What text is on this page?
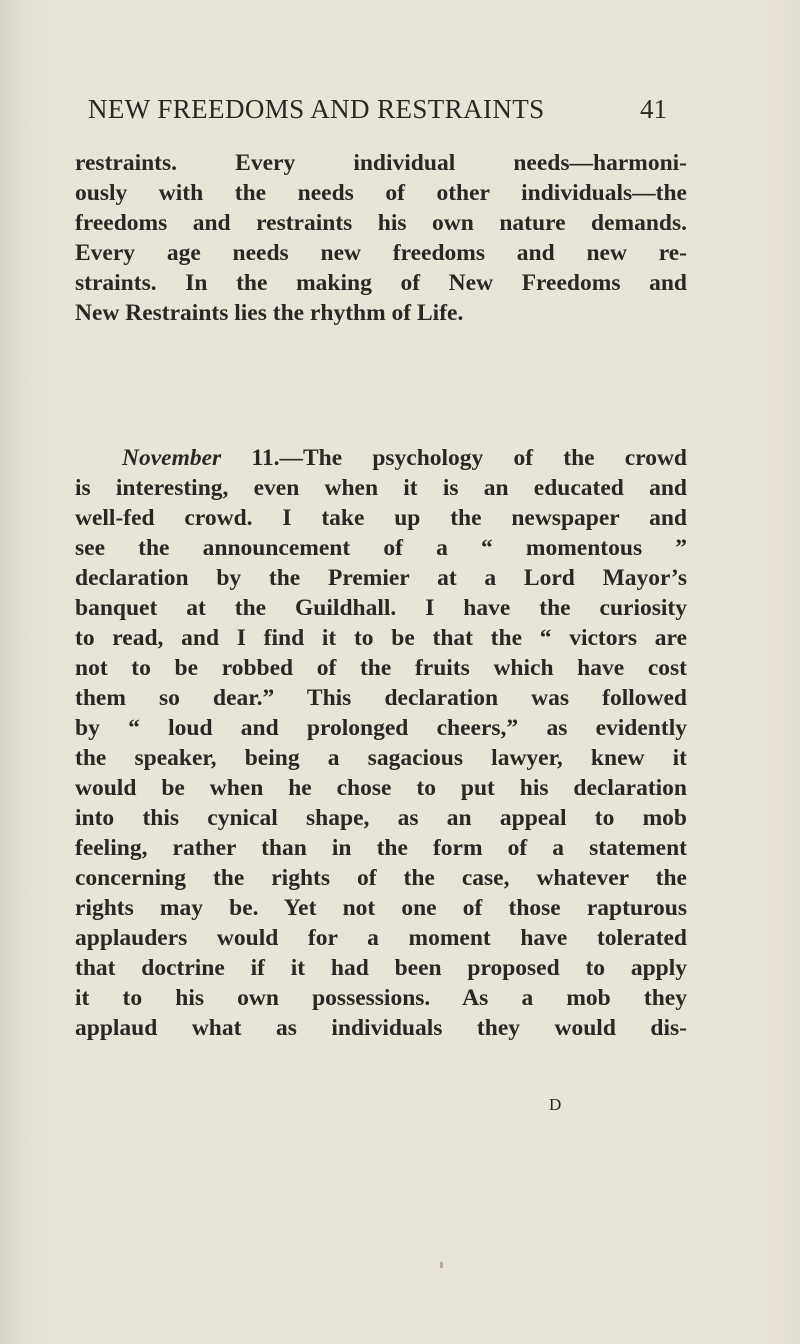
NEW FREEDOMS AND RESTRAINTS	41
restraints. Every individual needs—harmoni-
ously with the needs of other individuals—the
freedoms and restraints his own nature demands.
Every age needs new freedoms and new re-
straints. In the making of New Freedoms and
New Restraints lies the rhythm of Life.
November 11.—The psychology of the crowd
is interesting, even when it is an educated and
well-fed crowd. I take up the newspaper and
see the announcement of a “ momentous ”
declaration by the Premier at a Lord Mayor’s
banquet at the Guildhall. I have the curiosity
to read, and I find it to be that the “ victors are
not to be robbed of the fruits which have cost
them so dear.” This declaration was followed
by “ loud and prolonged cheers,” as evidently
the speaker, being a sagacious lawyer, knew it
would be when he chose to put his declaration
into this cynical shape, as an appeal to mob
feeling, rather than in the form of a statement
concerning the rights of the case, whatever the
rights may be. Yet not one of those rapturous
applauders would for a moment have tolerated
that doctrine if it had been proposed to apply
it to his own possessions. As a mob they
applaud what as individuals they would dis-
D
